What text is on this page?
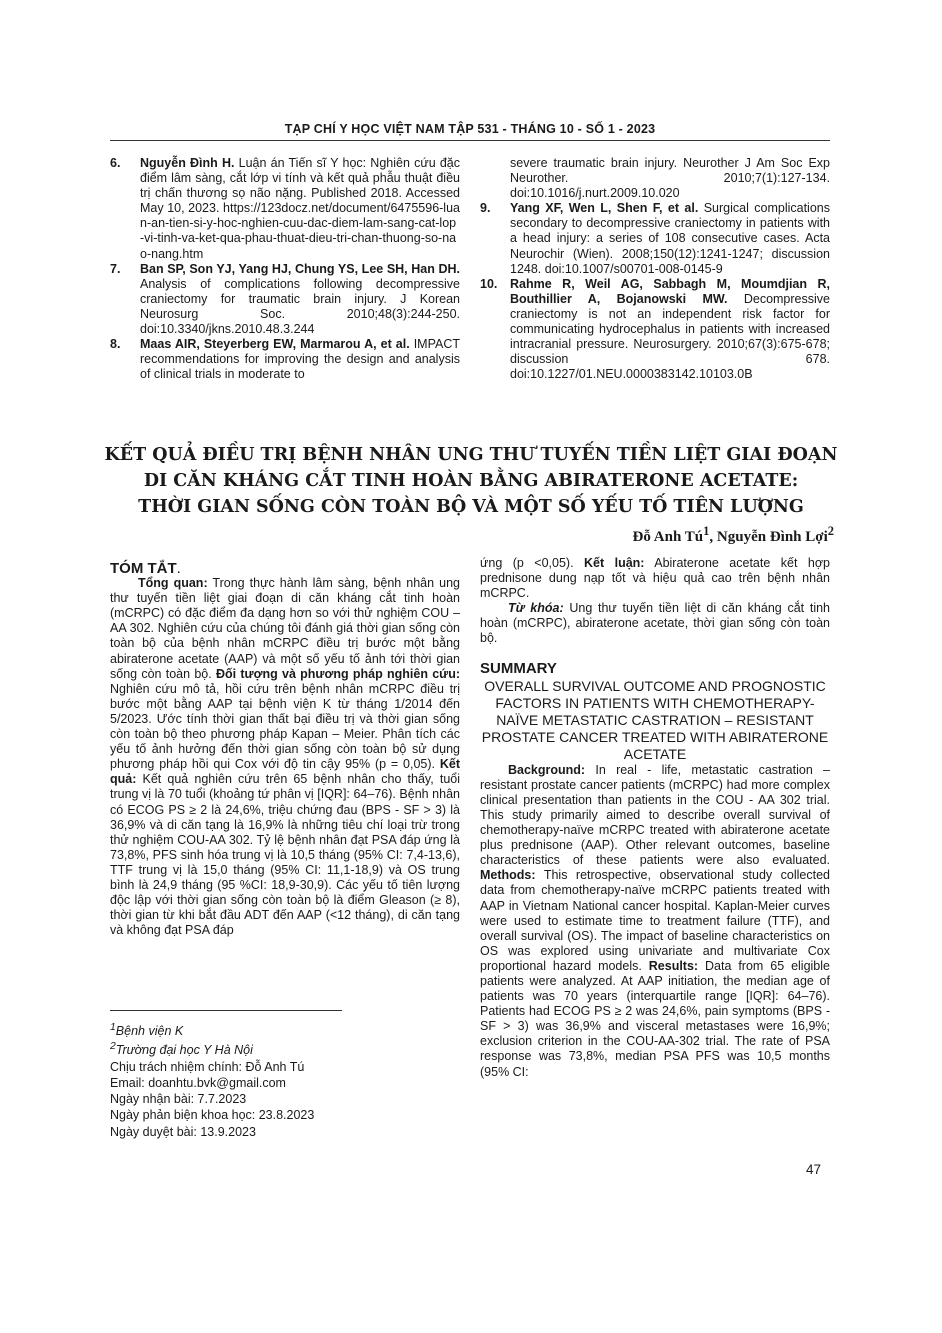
TẠP CHÍ Y HỌC VIỆT NAM TẬP 531 - THÁNG 10 - SỐ 1 - 2023
6.	Nguyễn Đình H. Luận án Tiến sĩ Y học: Nghiên cứu đặc điểm lâm sàng, cắt lớp vi tính và kết quả phẫu thuật điều trị chấn thương sọ não nặng. Published 2018. Accessed May 10, 2023. https://123docz.net/document/6475596-luan-an-tien-si-y-hoc-nghien-cuu-dac-diem-lam-sang-cat-lop-vi-tinh-va-ket-qua-phau-thuat-dieu-tri-chan-thuong-so-nao-nang.htm
7.	Ban SP, Son YJ, Yang HJ, Chung YS, Lee SH, Han DH. Analysis of complications following decompressive craniectomy for traumatic brain injury. J Korean Neurosurg Soc. 2010;48(3):244-250. doi:10.3340/jkns.2010.48.3.244
8.	Maas AIR, Steyerberg EW, Marmarou A, et al. IMPACT recommendations for improving the design and analysis of clinical trials in moderate to
severe traumatic brain injury. Neurother J Am Soc Exp Neurother. 2010;7(1):127-134. doi:10.1016/j.nurt.2009.10.020
9.	Yang XF, Wen L, Shen F, et al. Surgical complications secondary to decompressive craniectomy in patients with a head injury: a series of 108 consecutive cases. Acta Neurochir (Wien). 2008;150(12):1241-1247; discussion 1248. doi:10.1007/s00701-008-0145-9
10.	Rahme R, Weil AG, Sabbagh M, Moumdjian R, Bouthillier A, Bojanowski MW. Decompressive craniectomy is not an independent risk factor for communicating hydrocephalus in patients with increased intracranial pressure. Neurosurgery. 2010;67(3):675-678; discussion 678. doi:10.1227/01.NEU.0000383142.10103.0B
KẾT QUẢ ĐIỀU TRỊ BỆNH NHÂN UNG THƯ TUYẾN TIỀN LIỆT GIAI ĐOẠN
DI CĂN KHÁNG CẮT TINH HOÀN BẰNG ABIRATERONE ACETATE:
THỜI GIAN SỐNG CÒN TOÀN BỘ VÀ MỘT SỐ YẾU TỐ TIÊN LƯỢNG
Đỗ Anh $Tú^1$, Nguyễn Đình Lợi$^2$
TÓM TẮT.

Tổng quan: Trong thực hành lâm sàng, bệnh nhân ung thư tuyến tiền liệt giai đoạn di căn kháng cắt tinh hoàn (mCRPC) có đặc điểm đa dạng hơn so với thử nghiệm COU – AA 302. Nghiên cứu của chúng tôi đánh giá thời gian sống còn toàn bộ của bệnh nhân mCRPC điều trị bước một bằng abiraterone acetate (AAP) và một số yếu tố ảnh tới thời gian sống còn toàn bộ. Đối tượng và phương pháp nghiên cứu: Nghiên cứu mô tả, hồi cứu trên bệnh nhân mCRPC điều trị bước một bằng AAP tại bệnh viện K từ tháng 1/2014 đến 5/2023. Ước tính thời gian thất bại điều trị và thời gian sống còn toàn bộ theo phương pháp Kapan – Meier. Phân tích các yếu tố ảnh hưởng đến thời gian sống còn toàn bộ sử dụng phương pháp hồi qui Cox với độ tin cậy 95% (p = 0,05). Kết quả: Kết quả nghiên cứu trên 65 bệnh nhân cho thấy, tuổi trung vị là 70 tuổi (khoảng tứ phân vị [IQR]: 64–76). Bệnh nhân có ECOG PS ≥ 2 là 24,6%, triệu chứng đau (BPS - SF > 3) là 36,9% và di căn tạng là 16,9% là những tiêu chí loại trừ trong thử nghiệm COU-AA 302. Tỷ lệ bệnh nhân đạt PSA đáp ứng là 73,8%, PFS sinh hóa trung vị là 10,5 tháng (95% CI: 7,4-13,6), TTF trung vị là 15,0 tháng (95% CI: 11,1-18,9) và OS trung bình là 24,9 tháng (95 %CI: 18,9-30,9). Các yếu tố tiên lượng độc lập với thời gian sống còn toàn bộ là điểm Gleason (≥ 8), thời gian từ khi bắt đầu ADT đến AAP (<12 tháng), di căn tạng và không đạt PSA đáp

ứng (p <0,05). Kết luận: Abiraterone acetate kết hợp prednisone dung nạp tốt và hiệu quả cao trên bệnh nhân mCRPC.

Từ khóa: Ung thư tuyến tiền liệt di căn kháng cắt tinh hoàn (mCRPC), abiraterone acetate, thời gian sống còn toàn bộ.

SUMMARY

OVERALL SURVIVAL OUTCOME AND PROGNOSTIC FACTORS IN PATIENTS WITH CHEMOTHERAPY-NAÏVE METASTATIC CASTRATION – RESISTANT PROSTATE CANCER TREATED WITH ABIRATERONE ACETATE

Background: In real - life, metastatic castration – resistant prostate cancer patients (mCRPC) had more complex clinical presentation than patients in the COU - AA 302 trial. This study primarily aimed to describe overall survival of chemotherapy-naïve mCRPC treated with abiraterone acetate plus prednisone (AAP). Other relevant outcomes, baseline characteristics of these patients were also evaluated. Methods: This retrospective, observational study collected data from chemotherapy-naïve mCRPC patients treated with AAP in Vietnam National cancer hospital. Kaplan-Meier curves were used to estimate time to treatment failure (TTF), and overall survival (OS). The impact of baseline characteristics on OS was explored using univariate and multivariate Cox proportional hazard models. Results: Data from 65 eligible patients were analyzed. At AAP initiation, the median age of patients was 70 years (interquartile range [IQR]: 64–76). Patients had ECOG PS ≥ 2 was 24,6%, pain symptoms (BPS - SF > 3) was 36,9% and visceral metastases were 16,9%; exclusion criterion in the COU-AA-302 trial. The rate of PSA response was 73,8%, median PSA PFS was 10,5 months (95% CI:

$^1$Bệnh viện K
$^2$Trường đại học Y Hà Nội
Chịu trách nhiệm chính: Đỗ Anh Tú
Email: doanhtu.bvk@gmail.com
Ngày nhận bài: 7.7.2023
Ngày phản biện khoa học: 23.8.2023
Ngày duyệt bài: 13.9.2023
47
